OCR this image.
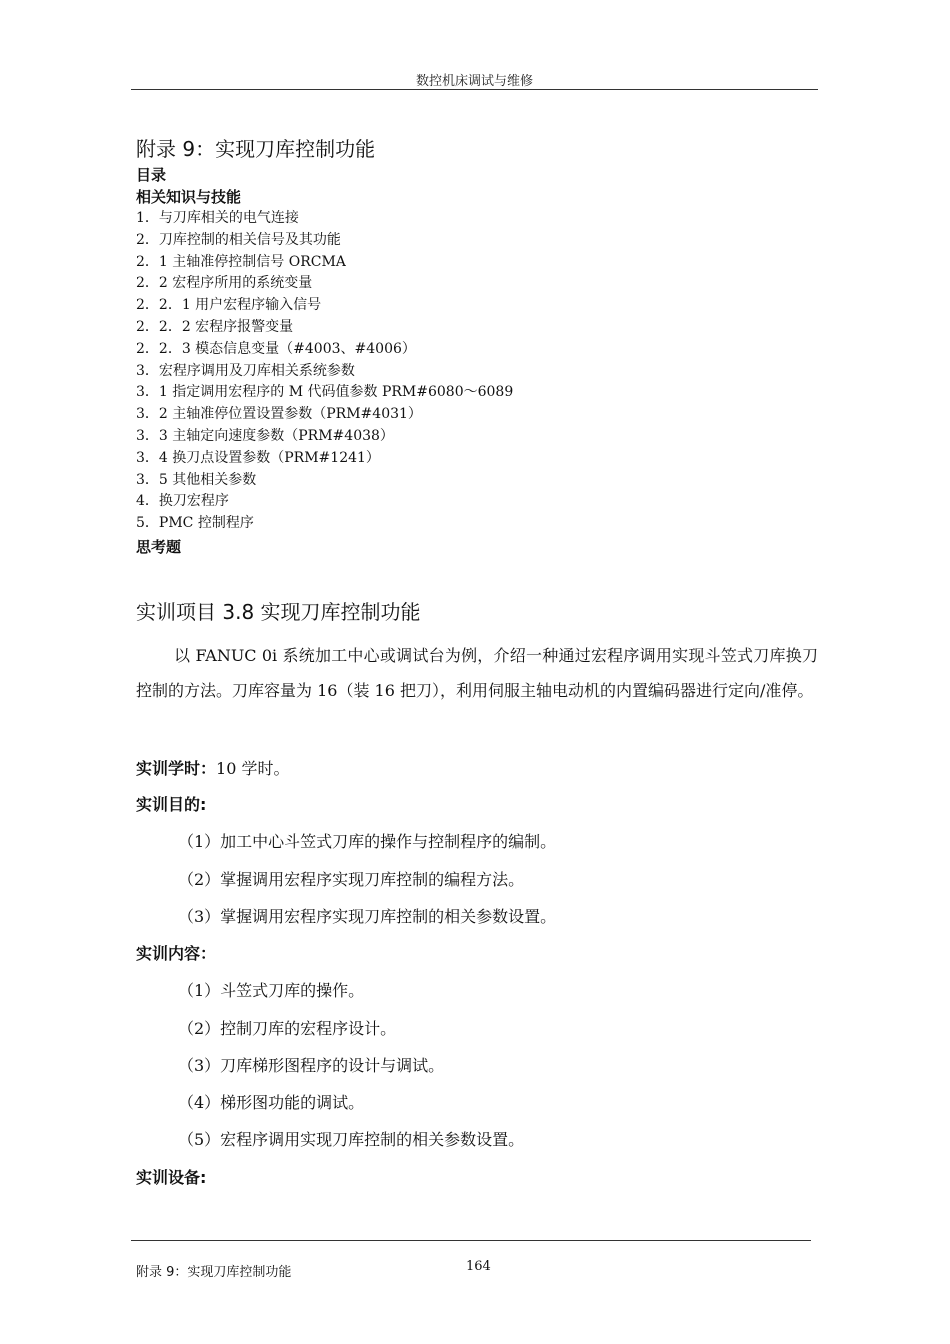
数控机床调试与维修
附录 9：实现刀库控制功能
目录
相关知识与技能
1．与刀库相关的电气连接
2．刀库控制的相关信号及其功能
2．1 主轴准停控制信号 ORCMA
2．2 宏程序所用的系统变量
2．2．1 用户宏程序输入信号
2．2．2 宏程序报警变量
2．2．3 模态信息变量（#4003、#4006）
3．宏程序调用及刀库相关系统参数
3．1 指定调用宏程序的 M 代码值参数 PRM#6080～6089
3．2 主轴准停位置设置参数（PRM#4031）
3．3 主轴定向速度参数（PRM#4038）
3．4 换刀点设置参数（PRM#1241）
3．5 其他相关参数
4．换刀宏程序
5．PMC 控制程序
思考题
实训项目 3.8 实现刀库控制功能
以 FANUC 0i 系统加工中心或调试台为例，介绍一种通过宏程序调用实现斗笠式刀库换刀控制的方法。刀库容量为 16（装 16 把刀），利用伺服主轴电动机的内置编码器进行定向/准停。
实训学时：10 学时。
实训目的:
（1）加工中心斗笠式刀库的操作与控制程序的编制。
（2）掌握调用宏程序实现刀库控制的编程方法。
（3）掌握调用宏程序实现刀库控制的相关参数设置。
实训内容：
（1）斗笠式刀库的操作。
（2）控制刀库的宏程序设计。
（3）刀库梯形图程序的设计与调试。
（4）梯形图功能的调试。
（5）宏程序调用实现刀库控制的相关参数设置。
实训设备:
附录 9：实现刀库控制功能	164
